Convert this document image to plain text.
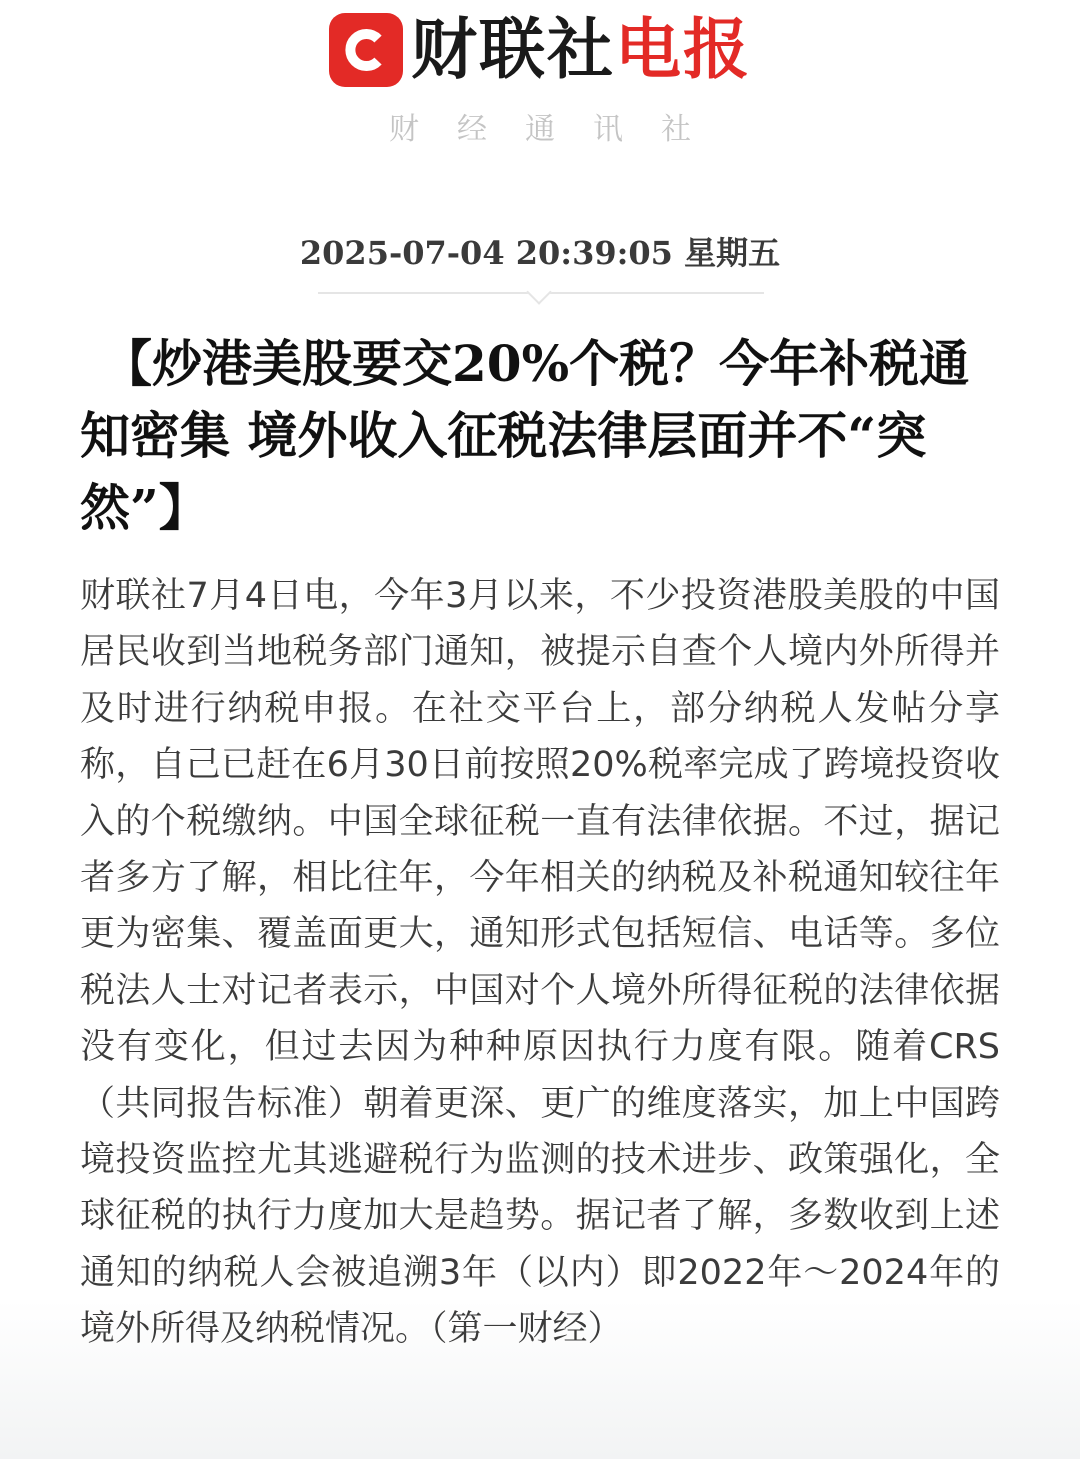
财联社电报
财经通讯社
2025-07-04 20:39:05 星期五
【炒港美股要交20%个税？今年补税通知密集 境外收入征税法律层面并不“突然”】

财联社7月4日电，今年3月以来，不少投资港股美股的中国居民收到当地税务部门通知，被提示自查个人境内外所得并及时进行纳税申报。在社交平台上，部分纳税人发帖分享称，自己已赶在6月30日前按照20%税率完成了跨境投资收入的个税缴纳。中国全球征税一直有法律依据。不过，据记者多方了解，相比往年，今年相关的纳税及补税通知较往年更为密集、覆盖面更大，通知形式包括短信、电话等。多位税法人士对记者表示，中国对个人境外所得征税的法律依据没有变化，但过去因为种种原因执行力度有限。随着CRS（共同报告标准）朝着更深、更广的维度落实，加上中国跨境投资监控尤其逃避税行为监测的技术进步、政策强化，全球征税的执行力度加大是趋势。据记者了解，多数收到上述通知的纳税人会被追溯3年（以内）即2022年～2024年的境外所得及纳税情况。（第一财经）
